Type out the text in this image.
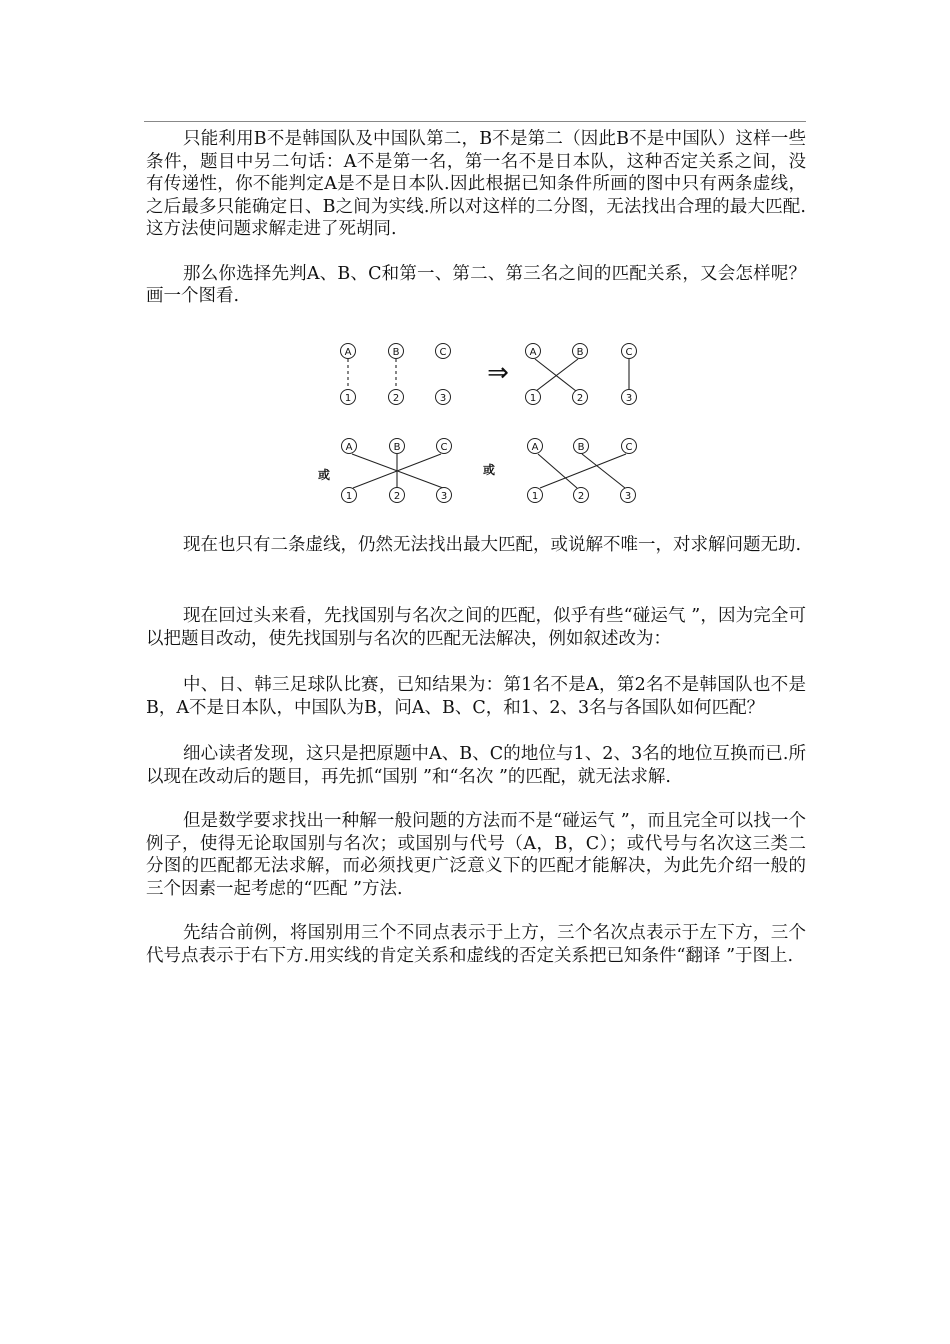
只能利用B不是韩国队及中国队第二，B不是第二（因此B不是中国队）这样一些条件，题目中另二句话：A不是第一名，第一名不是日本队，这种否定关系之间，没有传递性，你不能判定A是不是日本队.因此根据已知条件所画的图中只有两条虚线，之后最多只能确定日、B之间为实线.所以对这样的二分图，无法找出合理的最大匹配.这方法使问题求解走进了死胡同.

那么你选择先判A、B、C和第一、第二、第三名之间的匹配关系，又会怎样呢？画一个图看.

A	B	C
1	2	3
A	B	C
1	2	3
A	B	C
1	2	3
A	B	C
1	2	3
⇒
或	或

现在也只有二条虚线，仍然无法找出最大匹配，或说解不唯一，对求解问题无助.

现在回过头来看，先找国别与名次之间的匹配，似乎有些“碰运气 ”，因为完全可以把题目改动，使先找国别与名次的匹配无法解决，例如叙述改为：

中、日、韩三足球队比赛，已知结果为：第1名不是A，第2名不是韩国队也不是B，A不是日本队，中国队为B，问A、B、C，和1、2、3名与各国队如何匹配？

细心读者发现，这只是把原题中A、B、C的地位与1、2、3名的地位互换而已.所以现在改动后的题目，再先抓“国别 ”和“名次 ”的匹配，就无法求解.

但是数学要求找出一种解一般问题的方法而不是“碰运气 ”，而且完全可以找一个例子，使得无论取国别与名次；或国别与代号（A，B，C）；或代号与名次这三类二分图的匹配都无法求解，而必须找更广泛意义下的匹配才能解决，为此先介绍一般的三个因素一起考虑的“匹配 ”方法.

先结合前例，将国别用三个不同点表示于上方，三个名次点表示于左下方，三个代号点表示于右下方.用实线的肯定关系和虚线的否定关系把已知条件“翻译 ”于图上.
